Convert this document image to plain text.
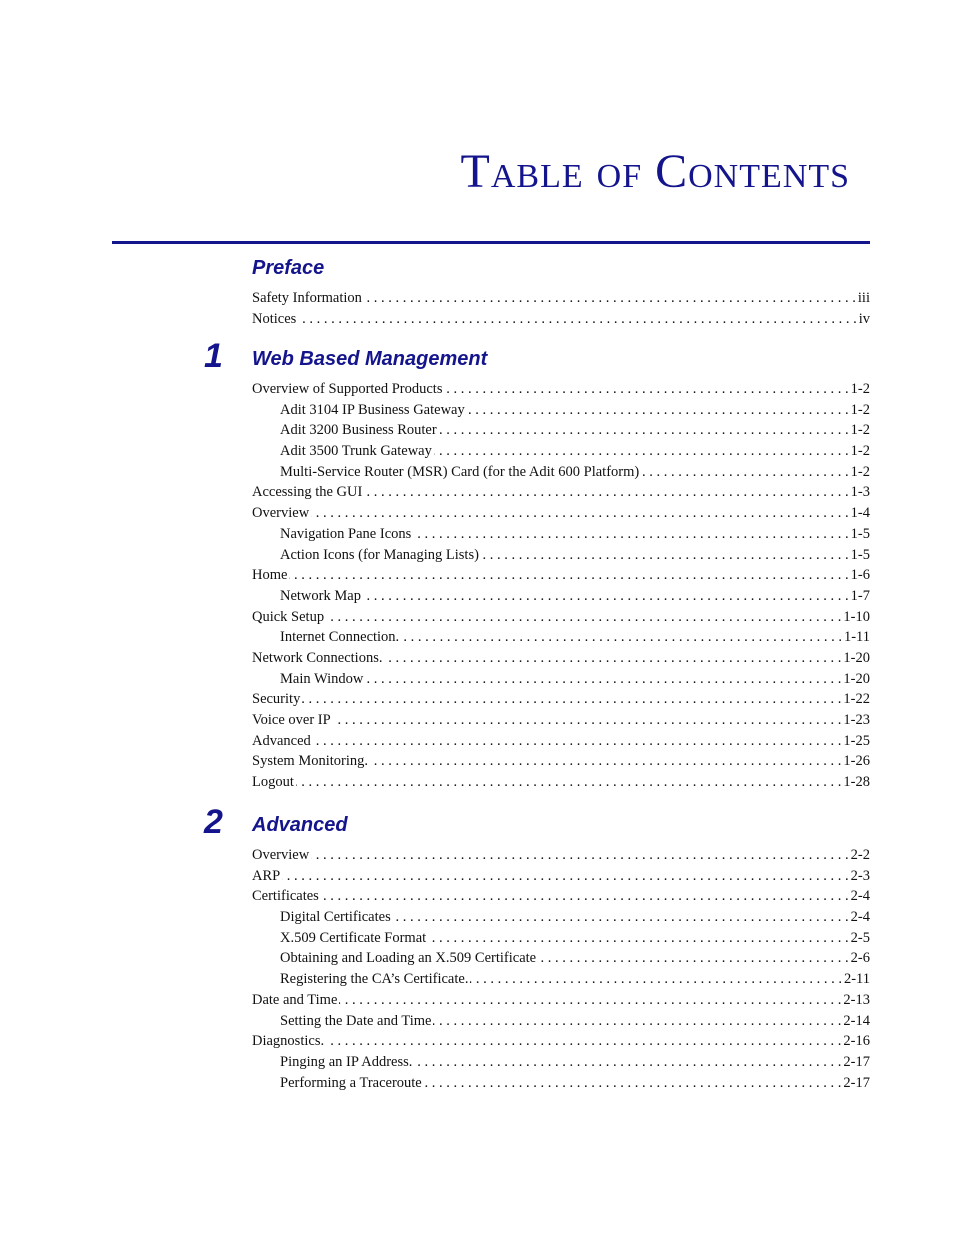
Table of Contents
Preface
Safety Information . . .	iii
Notices . . .	iv
1 Web Based Management
Overview of Supported Products . . .	1-2
Adit 3104 IP Business Gateway . . .	1-2
Adit 3200 Business Router . . .	1-2
Adit 3500 Trunk Gateway . . .	1-2
Multi-Service Router (MSR) Card (for the Adit 600 Platform) . . .	1-2
Accessing the GUI . . .	1-3
Overview . . .	1-4
Navigation Pane Icons . . .	1-5
Action Icons (for Managing Lists) . . .	1-5
Home . . .	1-6
Network Map . . .	1-7
Quick Setup . . .	1-10
Internet Connection. . . .	1-11
Network Connections. . . .	1-20
Main Window . . .	1-20
Security . . .	1-22
Voice over IP . . .	1-23
Advanced . . .	1-25
System Monitoring. . . .	1-26
Logout . . .	1-28
2 Advanced
Overview . . .	2-2
ARP . . .	2-3
Certificates . . .	2-4
Digital Certificates . . .	2-4
X.509 Certificate Format . . .	2-5
Obtaining and Loading an X.509 Certificate . . .	2-6
Registering the CA’s Certificate. . . .	2-11
Date and Time . . .	2-13
Setting the Date and Time . . .	2-14
Diagnostics. . . .	2-16
Pinging an IP Address. . . .	2-17
Performing a Traceroute . . .	2-17
